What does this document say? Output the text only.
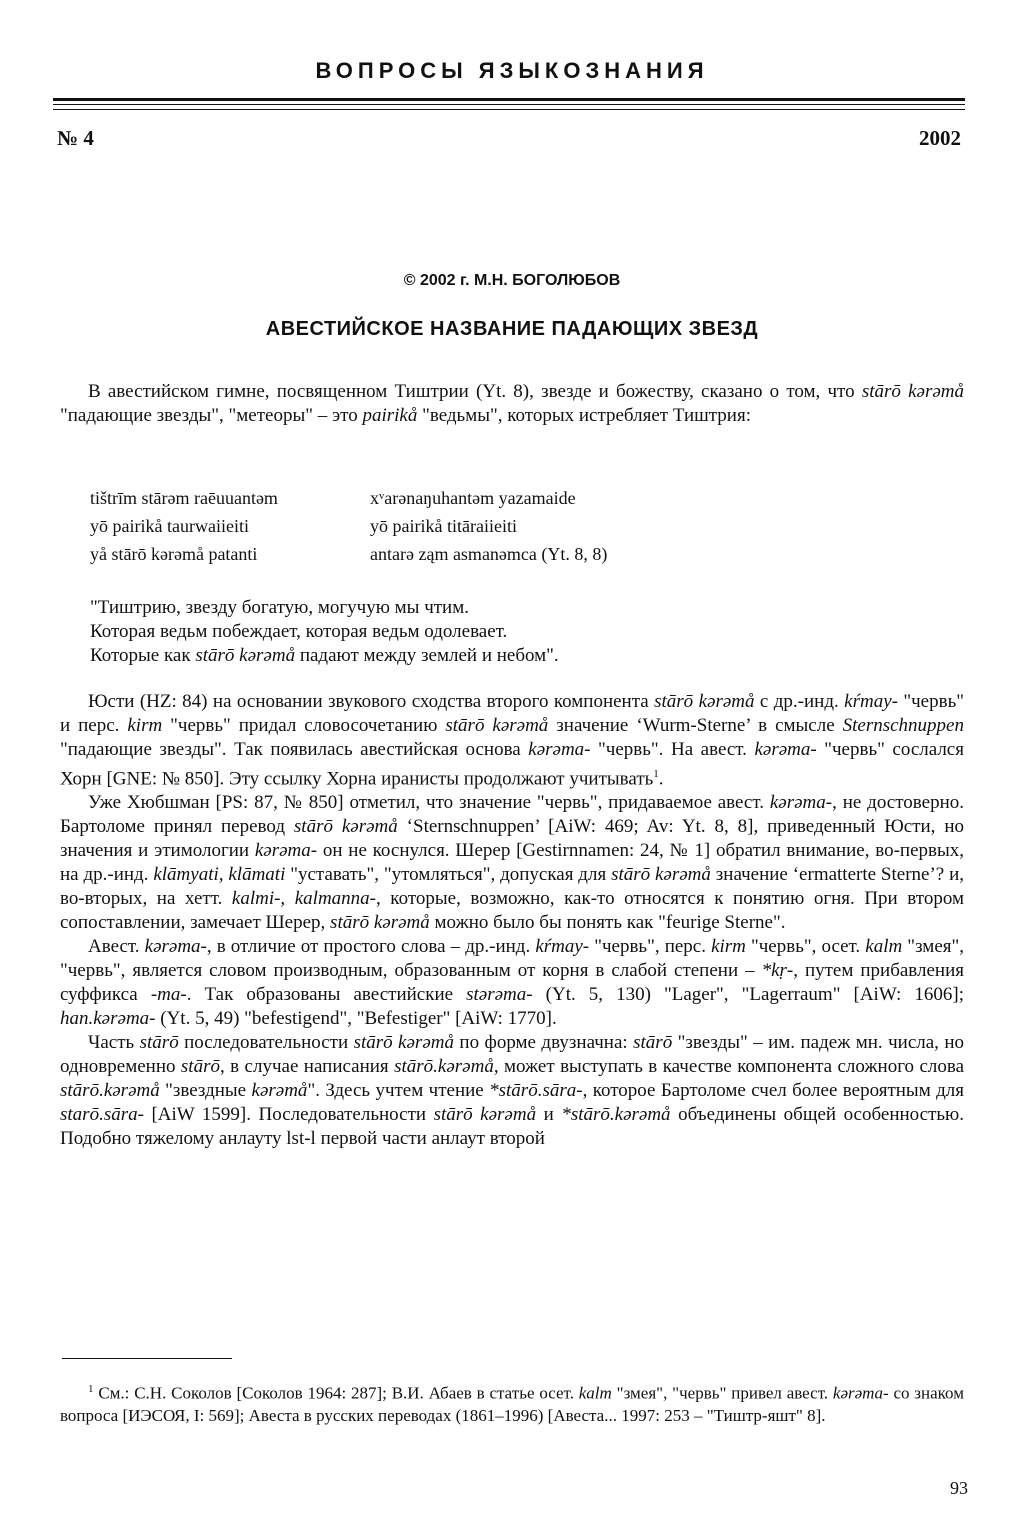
ВОПРОСЫ ЯЗЫКОЗНАНИЯ
№ 4	2002
© 2002 г. М.Н. БОГОЛЮБОВ
АВЕСТИЙСКОЕ НАЗВАНИЕ ПАДАЮЩИХ ЗВЕЗД

В авестийском гимне, посвященном Тиштрии (Yt. 8), звезде и божеству, сказано о том, что stārō kərəmå "падающие звезды", "метеоры" – это pairikå "ведьмы", которых истребляет Тиштрия:

tištrīm stārəm raēuuantəm	xᵛarənaŋuhantəm yazamaide
yō pairikå taurwaiieiti	yō pairikå titāraiieiti
yå stārō kərəmå patanti	antarə ząm asmanəmca (Yt. 8, 8)
"Тиштрию, звезду богатую, могучую мы чтим.
Которая ведьм побеждает, которая ведьм одолевает.
Которые как stārō kərəmå падают между землей и небом".

Юсти (HZ: 84) на основании звукового сходства второго компонента stārō kərəmå с др.-инд. kŕmay- "червь" и перс. kirm "червь" придал словосочетанию stārō kərəmå значение ‘Wurm-Sterne’ в смысле Sternschnuppen "падающие звезды". Так появилась авестийская основа kərəma- "червь". На авест. kərəma- "червь" сослался Хорн [GNE: № 850]. Эту ссылку Хорна иранисты продолжают учитывать$^1$.

Уже Хюбшман [PS: 87, № 850] отметил, что значение "червь", придаваемое авест. kərəma-, не достоверно. Бартоломе принял перевод stārō kərəmå ‘Sternschnuppen’ [AiW: 469; Av: Yt. 8, 8], приведенный Юсти, но значения и этимологии kərəma- он не коснулся. Шерер [Gestirnnamen: 24, № 1] обратил внимание, во-первых, на др.-инд. klāmyati, klāmati "уставать", "утомляться", допуская для stārō kərəmå значение ‘ermatterte Sterne’? и, во-вторых, на хетт. kalmi-, kalmanna-, которые, возможно, как-то относятся к понятию огня. При втором сопоставлении, замечает Шерер, stārō kərəmå можно было бы понять как "feurige Sterne".

Авест. kərəma-, в отличие от простого слова – др.-инд. kŕmay- "червь", перс. kirm "червь", осет. kalm "змея", "червь", является словом производным, образованным от корня в слабой степени – *kṛ-, путем прибавления суффикса -ma-. Так образованы авестийские stərəma- (Yt. 5, 130) "Lager", "Lagerraum" [AiW: 1606]; han.kərəma- (Yt. 5, 49) "befestigend", "Befestiger" [AiW: 1770].

Часть stārō последовательности stārō kərəmå по форме двузначна: stārō "звезды" – им. падеж мн. числа, но одновременно stārō, в случае написания stārō.kərəmå, может выступать в качестве компонента сложного слова stārō.kərəmå "звездные kərəmå". Здесь учтем чтение *stārō.sāra-, которое Бартоломе счел более вероятным для starō.sāra- [AiW 1599]. Последовательности stārō kərəmå и *stārō.kərəmå объединены общей особенностью. Подобно тяжелому анлауту lst-l первой части анлаут второй

$^1$ См.: С.Н. Соколов [Соколов 1964: 287]; В.И. Абаев в статье осет. kalm "змея", "червь" привел авест. kərəma- со знаком вопроса [ИЭСОЯ, I: 569]; Авеста в русских переводах (1861–1996) [Авеста... 1997: 253 – "Тиштр-яшт" 8].

93
